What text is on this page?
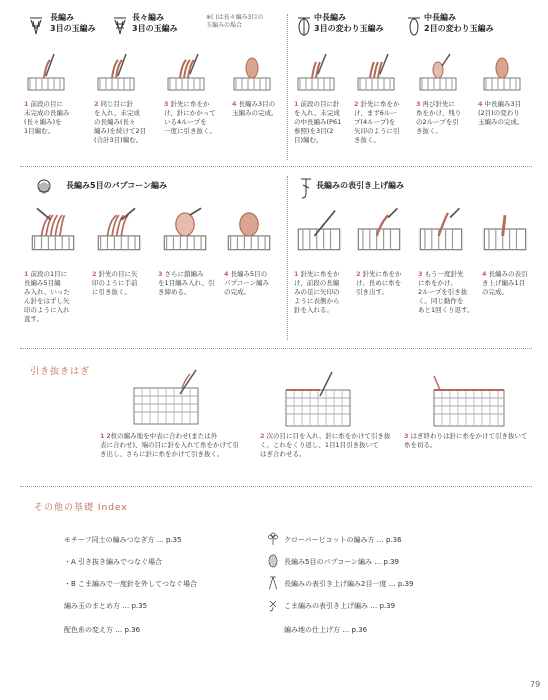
長編み
3目の玉編み
長々編み
3目の玉編み
※( )は長々編み3目の
玉編みの場合
1 前段の目に
未完成の長編み
(長々編み)を
1目編む。
2 同じ目に針
を入れ、未完成
の長編み(長々
編み)を続けて2目
(合計3目)編む。
3 針先に糸をか
け、針にかかって
いる4ループを
一度に引き抜く。
4 長編み3目の
玉編みの完成。
中長編み
3目の変わり玉編み
中長編み
2目の変わり玉編み
1 前段の目に針
を入れ、未完成
の中長編み(P61
参照)を3目(2
目)編む。
2 針先に糸をか
け、まず6ルー
プ(4ループ)を
矢印のように引
き抜く。
3 再び針先に
糸をかけ、残り
の2ループを引
き抜く。
4 中長編み3目
(2目)の変わり
玉編みの完成。
長編み5目のパプコーン編み
1 前段の1目に
長編み5目編
み入れ、いった
ん針をはずし矢
印のように入れ
直す。
2 針先の目に矢
印のように手前
に引き抜く。
3 さらに鎖編み
を1目編み入れ、引
き締める。
4 長編み5目の
パプコーン編み
の完成。
長編みの表引き上げ編み
1 針先に糸をか
け、前段の長編
みの足に矢印の
ように表側から
針を入れる。
2 針先に糸をか
け、長めに糸を
引き出す。
3 もう一度針先
に糸をかけ、
2ループを引き抜
く。同じ動作を
あと1回くり返す。
4 長編みの表引
き上げ編み1目
の完成。
引き抜きはぎ
1 2枚の編み地を中表に合わせ(または外
表に合わせ)、端の目に針を入れて糸をかけて引
き出し、さらに針に糸をかけて引き抜く。
2 次の目に目を入れ、針に糸をかけて引き抜
く。これをくり返し、1目1目引き抜いて
はぎ合わせる。
3 はぎ終わりは針に糸をかけて引き抜いて
糸を切る。
その他の基礎 Index
モチーフ同士の編みつなぎ方 … p.35
・A 引き抜き編みでつなぐ場合
・B こま編みで一度針を外してつなぐ場合
編み玉のまとめ方 … p.35
配色糸の変え方 … p.36
クローバーピコットの編み方 … p.36
長編み5目のパプコーン編み … p.39
長編みの表引き上げ編み2目一度 … p.39
こま編みの表引き上げ編み … p.39
編み地の仕上げ方 … p.36
79
